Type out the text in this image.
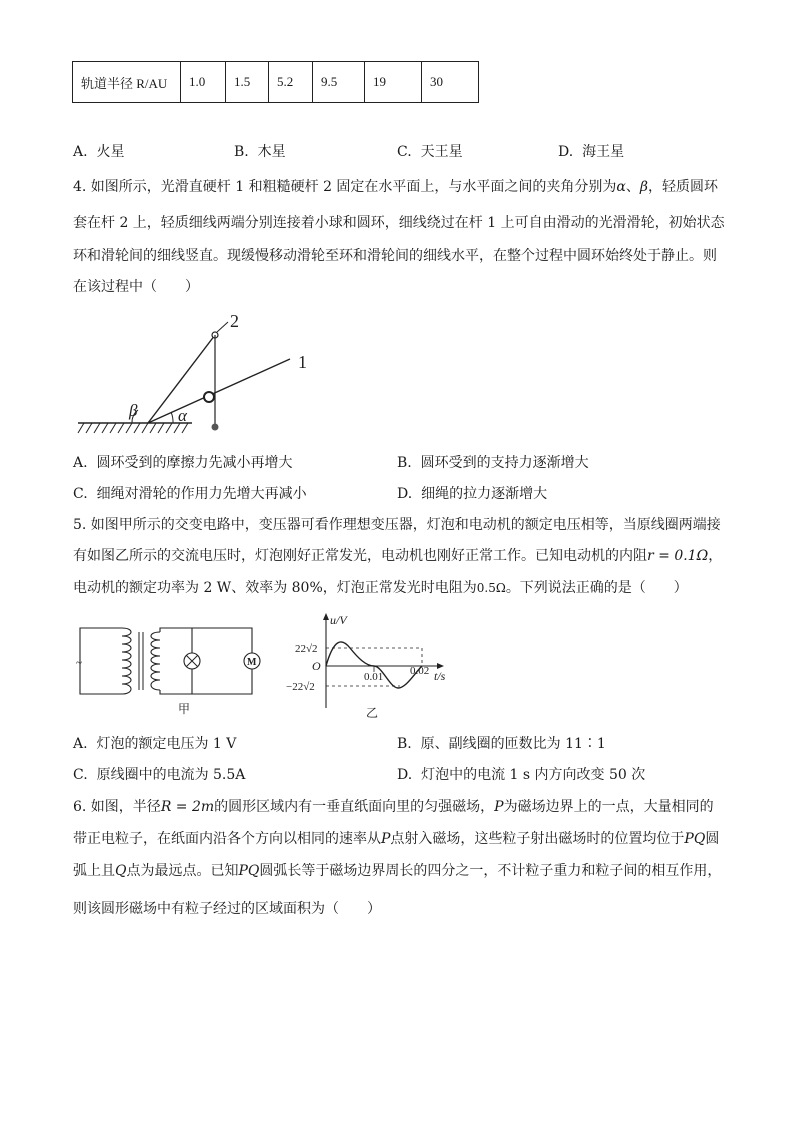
轨道半径 R/AU	1.0	1.5	5.2	9.5	19	30
A. 火星	B. 木星	C. 天王星	D. 海王星
4. 如图所示，光滑直硬杆 1 和粗糙硬杆 2 固定在水平面上，与水平面之间的夹角分别为α、β，轻质圆环
套在杆 2 上，轻质细线两端分别连接着小球和圆环，细线绕过在杆 1 上可自由滑动的光滑滑轮，初始状态
环和滑轮间的细线竖直。现缓慢移动滑轮至环和滑轮间的细线水平，在整个过程中圆环始终处于静止。则
在该过程中（　　）
2
1
α
β
A. 圆环受到的摩擦力先减小再增大	B. 圆环受到的支持力逐渐增大
C. 细绳对滑轮的作用力先增大再减小	D. 细绳的拉力逐渐增大
5. 如图甲所示的交变电路中，变压器可看作理想变压器，灯泡和电动机的额定电压相等，当原线圈两端接
有如图乙所示的交流电压时，灯泡刚好正常发光，电动机也刚好正常工作。已知电动机的内阻r = 0.1Ω，
电动机的额定功率为 2 W、效率为 80%，灯泡正常发光时电阻为0.5Ω。下列说法正确的是（　　）
~	M
甲
u/V
t/s
O
22√2
−22√2
0.01 0.02
乙
A. 灯泡的额定电压为 1 V	B. 原、副线圈的匝数比为 11∶1
C. 原线圈中的电流为 5.5A	D. 灯泡中的电流 1 s 内方向改变 50 次
6. 如图，半径R = 2m的圆形区域内有一垂直纸面向里的匀强磁场，P为磁场边界上的一点，大量相同的
带正电粒子，在纸面内沿各个方向以相同的速率从P点射入磁场，这些粒子射出磁场时的位置均位于PQ圆
弧上且Q点为最远点。已知PQ圆弧长等于磁场边界周长的四分之一，不计粒子重力和粒子间的相互作用，
则该圆形磁场中有粒子经过的区域面积为（　　）
